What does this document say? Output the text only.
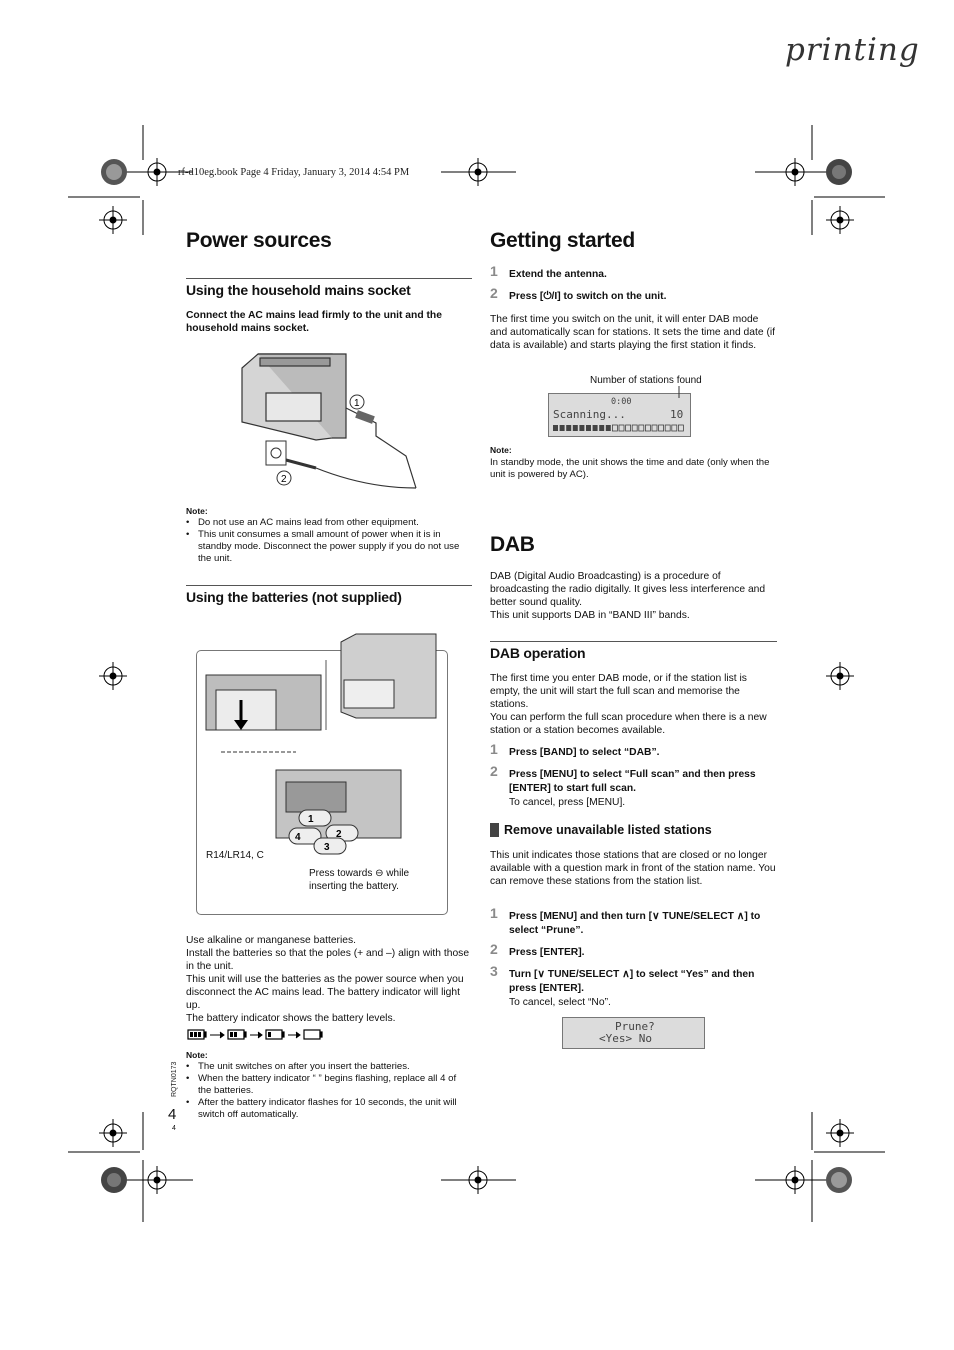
printing
rf-d10eg.book Page 4 Friday, January 3, 2014 4:54 PM
Power sources
Using the household mains socket
Connect the AC mains lead firmly to the unit and the household mains socket.
1
2
Note:
• Do not use an AC mains lead from other equipment.
• This unit consumes a small amount of power when it is in standby mode. Disconnect the power supply if you do not use the unit.
Using the batteries (not supplied)
1
2
3
4
R14/LR14, C
Press towards ⊖ while
inserting the battery.
Use alkaline or manganese batteries.
Install the batteries so that the poles (+ and –) align with those in the unit.
This unit will use the batteries as the power source when you disconnect the AC mains lead. The battery indicator will light up.
The battery indicator shows the battery levels.
Note:
• The unit switches on after you insert the batteries.
• When the battery indicator “ ” begins flashing, replace all 4 of the batteries.
• After the battery indicator flashes for 10 seconds, the unit will switch off automatically.
RQTN0173
4
4
Getting started
1 Extend the antenna.
2 Press [⏻/I] to switch on the unit.
The first time you switch on the unit, it will enter DAB mode and automatically scan for stations. It sets the time and date (if data is available) and starts playing the first station it finds.
Number of stations found
0:00
Scanning...	10
Note:
In standby mode, the unit shows the time and date (only when the unit is powered by AC).
DAB
DAB (Digital Audio Broadcasting) is a procedure of broadcasting the radio digitally. It gives less interference and better sound quality.
This unit supports DAB in “BAND III” bands.
DAB operation
The first time you enter DAB mode, or if the station list is empty, the unit will start the full scan and memorise the stations.
You can perform the full scan procedure when there is a new station or a station becomes available.
1 Press [BAND] to select “DAB”.
2 Press [MENU] to select “Full scan” and then press [ENTER] to start full scan.
To cancel, press [MENU].
Remove unavailable listed stations
This unit indicates those stations that are closed or no longer available with a question mark in front of the station name. You can remove these stations from the station list.
1 Press [MENU] and then turn [∨ TUNE/SELECT ∧] to select “Prune”.
2 Press [ENTER].
3 Turn [∨ TUNE/SELECT ∧] to select “Yes” and then press [ENTER].
To cancel, select “No”.
Prune?
<Yes> No
